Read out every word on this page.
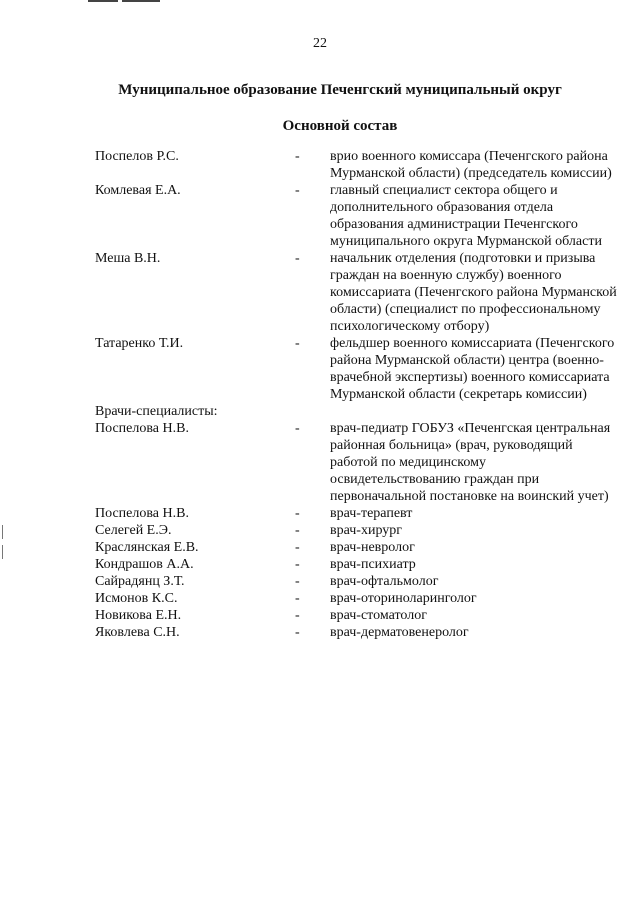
22
Муниципальное образование Печенгский муниципальный округ
Основной состав
Поспелов Р.С.	-	врио военного комиссара (Печенгского района Мурманской области) (председатель комиссии)
Комлевая Е.А.	-	главный специалист сектора общего и дополнительного образования отдела образования администрации Печенгского муниципального округа Мурманской области
Меша В.Н.	-	начальник отделения (подготовки и призыва граждан на военную службу) военного комиссариата (Печенгского района Мурманской области) (специалист по профессиональному психологическому отбору)
Татаренко Т.И.	-	фельдшер военного комиссариата (Печенгского района Мурманской области) центра (военно-врачебной экспертизы) военного комиссариата Мурманской области (секретарь комиссии)
Врачи-специалисты:
Поспелова Н.В.	-	врач-педиатр ГОБУЗ «Печенгская центральная районная больница» (врач, руководящий работой по медицинскому освидетельствованию граждан при первоначальной постановке на воинский учет)
Поспелова Н.В.	-	врач-терапевт
Селегей Е.Э.	-	врач-хирург
Краслянская Е.В.	-	врач-невролог
Кондрашов А.А.	-	врач-психиатр
Сайрадянц З.Т.	-	врач-офтальмолог
Исмонов К.С.	-	врач-оториноларинголог
Новикова Е.Н.	-	врач-стоматолог
Яковлева С.Н.	-	врач-дерматовенеролог
